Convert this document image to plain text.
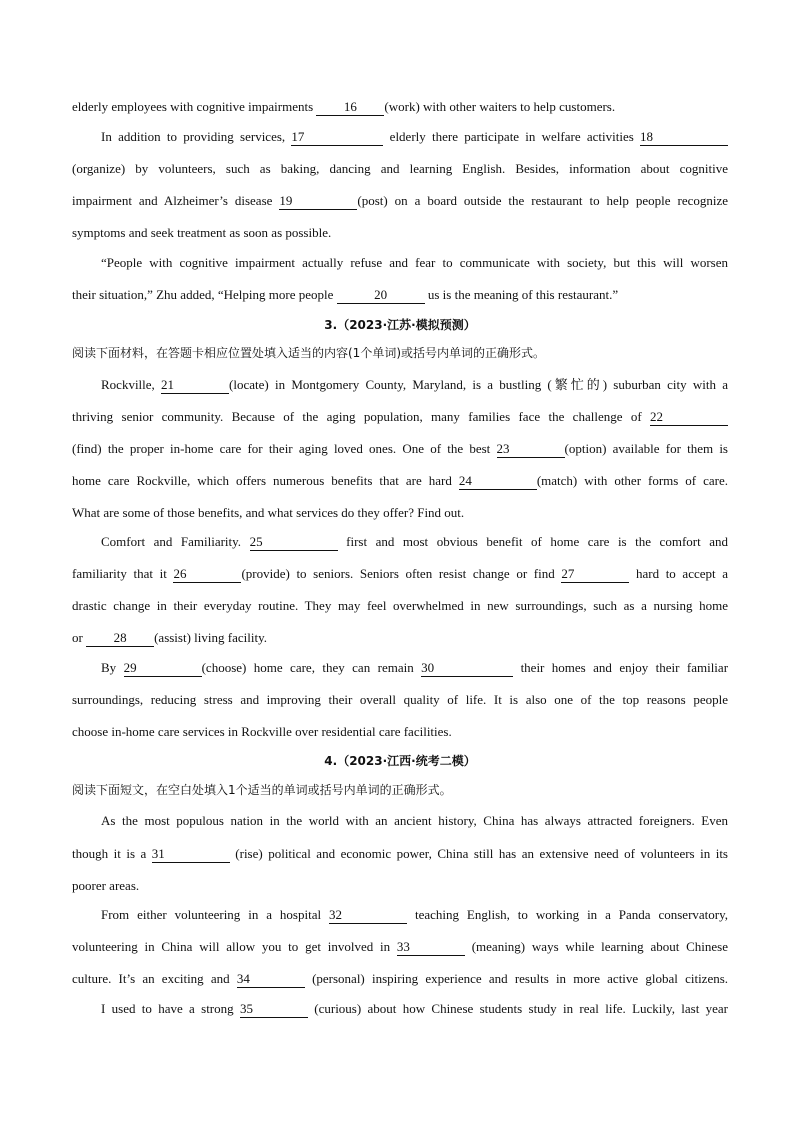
elderly employees with cognitive impairments 16 (work) with other waiters to help customers.
In addition to providing services, 17	elderly there participate in welfare activities 18
(organize) by volunteers, such as baking, dancing and learning English. Besides, information about cognitive
impairment and Alzheimer’s disease 19	(post) on a board outside the restaurant to help people recognize
symptoms and seek treatment as soon as possible.
“People with cognitive impairment actually refuse and fear to communicate with society, but this will worsen
their situation,” Zhu added, “Helping more people	20	us is the meaning of this restaurant.”
3.（2023·江苏·模拟预测）
阅读下面材料，在答题卡相应位置处填入适当的内容(1个单词)或括号内单词的正确形式。
Rockville, 21	(locate) in Montgomery County, Maryland, is a bustling (繁忙的) suburban city with a
thriving senior community. Because of the aging population, many families face the challenge of 22
(find) the proper in-home care for their aging loved ones. One of the best 23	(option) available for them is
home care Rockville, which offers numerous benefits that are hard 24	(match) with other forms of care.
What are some of those benefits, and what services do they offer? Find out.
Comfort and Familiarity. 25	first and most obvious benefit of home care is the comfort and
familiarity that it 26	(provide) to seniors. Seniors often resist change or find 27	hard to accept a
drastic change in their everyday routine. They may feel overwhelmed in new surroundings, such as a nursing home
or 28 (assist) living facility.
By 29	(choose) home care, they can remain 30	their homes and enjoy their familiar
surroundings, reducing stress and improving their overall quality of life. It is also one of the top reasons people
choose in-home care services in Rockville over residential care facilities.
4.（2023·江西·统考二模）
阅读下面短文，在空白处填入1个适当的单词或括号内单词的正确形式。
As the most populous nation in the world with an ancient history, China has always attracted foreigners. Even
though it is a 31	(rise) political and economic power, China still has an extensive need of volunteers in its
poorer areas.
From either volunteering in a hospital 32	teaching English, to working in a Panda conservatory,
volunteering in China will allow you to get involved in 33	(meaning) ways while learning about Chinese
culture. It’s an exciting and 34	(personal) inspiring experience and results in more active global citizens.
I used to have a strong 35	(curious) about how Chinese students study in real life. Luckily, last year
